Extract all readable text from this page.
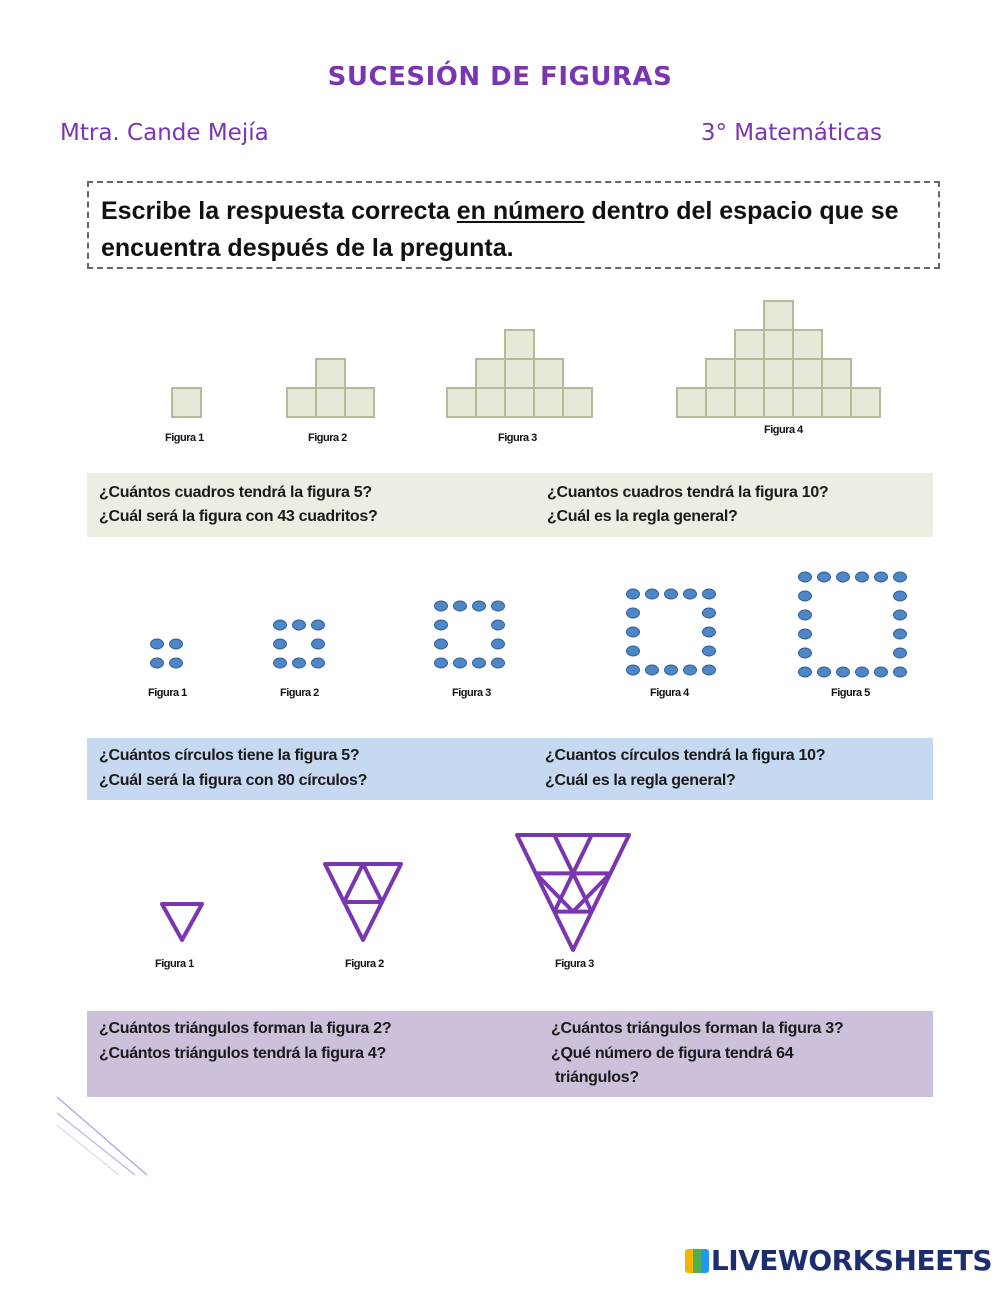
SUCESIÓN DE FIGURAS
Mtra. Cande Mejía	3° Matemáticas
Escribe la respuesta correcta en número dentro del espacio que se encuentra después de la pregunta.
Figura 1	Figura 2	Figura 3
Figura 4
¿Cuántos cuadros tendrá la figura 5?
¿Cuál será la figura con 43 cuadritos?
¿Cuantos cuadros tendrá la figura 10?
¿Cuál es la regla general?
Figura 1	Figura 2	Figura 3	Figura 4	Figura 5
¿Cuántos círculos tiene la figura 5?
¿Cuál será la figura con 80 círculos?
¿Cuantos círculos tendrá la figura 10?
¿Cuál es la regla general?
Figura 1	Figura 2	Figura 3
¿Cuántos triángulos forman la figura 2?
¿Cuántos triángulos tendrá la figura 4?
¿Cuántos triángulos forman la figura 3?
¿Qué número de figura tendrá 64
triángulos?
LIVEWORKSHEETS
